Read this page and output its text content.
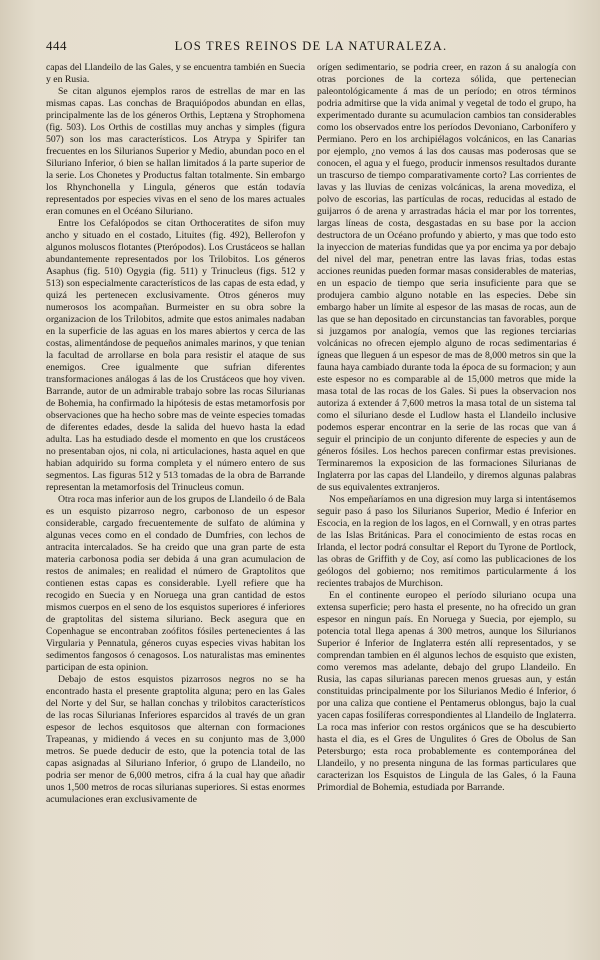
444	LOS TRES REINOS DE LA NATURALEZA.

capas del Llandeilo de las Gales, y se encuentra también en Suecia y en Rusia.

Se citan algunos ejemplos raros de estrellas de mar en las mismas capas. Las conchas de Braquiópodos abundan en ellas, principalmente las de los géneros Orthis, Leptæna y Strophomena (fig. 503). Los Orthis de costillas muy anchas y simples (figura 507) son los mas característicos. Los Atrypa y Spirifer tan frecuentes en los Silurianos Superior y Medio, abundan poco en el Siluriano Inferior, ó bien se hallan limitados á la parte superior de la serie. Los Chonetes y Productus faltan totalmente. Sin embargo los Rhynchonella y Lingula, géneros que están todavía representados por especies vivas en el seno de los mares actuales eran comunes en el Océano Siluriano.

Entre los Cefalópodos se citan Orthoceratites de sifon muy ancho y situado en el costado, Lituites (fig. 492), Bellerofon y algunos moluscos flotantes (Pterópodos). Los Crustáceos se hallan abundantemente representados por los Trilobitos. Los géneros Asaphus (fig. 510) Ogygia (fig. 511) y Trinucleus (figs. 512 y 513) son especialmente característicos de las capas de esta edad, y quizá les pertenecen exclusivamente. Otros géneros muy numerosos los acompañan. Burmeister en su obra sobre la organizacion de los Trilobitos, admite que estos animales nadaban en la superficie de las aguas en los mares abiertos y cerca de las costas, alimentándose de pequeños animales marinos, y que tenian la facultad de arrollarse en bola para resistir el ataque de sus enemigos. Cree igualmente que sufrian diferentes transformaciones análogas á las de los Crustáceos que hoy viven. Barrande, autor de un admirable trabajo sobre las rocas Silurianas de Bohemia, ha confirmado la hipótesis de estas metamorfosis por observaciones que ha hecho sobre mas de veinte especies tomadas de diferentes edades, desde la salida del huevo hasta la edad adulta. Las ha estudiado desde el momento en que los crustáceos no presentaban ojos, ni cola, ni articulaciones, hasta aquel en que habian adquirido su forma completa y el número entero de sus segmentos. Las figuras 512 y 513 tomadas de la obra de Barrande representan la metamorfosis del Trinucleus comun.

Otra roca mas inferior aun de los grupos de Llandeilo ó de Bala es un esquisto pizarroso negro, carbonoso de un espesor considerable, cargado frecuentemente de sulfato de alúmina y algunas veces como en el condado de Dumfries, con lechos de antracita intercalados. Se ha creido que una gran parte de esta materia carbonosa podia ser debida á una gran acumulacion de restos de animales; en realidad el número de Graptolitos que contienen estas capas es considerable. Lyell refiere que ha recogido en Suecia y en Noruega una gran cantidad de estos mismos cuerpos en el seno de los esquistos superiores é inferiores de graptolitas del sistema siluriano. Beck asegura que en Copenhague se encontraban zoófitos fósiles pertenecientes á las Virgularia y Pennatula, géneros cuyas especies vivas habitan los sedimentos fangosos ó cenagosos. Los naturalistas mas eminentes participan de esta opinion.

Debajo de estos esquistos pizarrosos negros no se ha encontrado hasta el presente graptolita alguna; pero en las Gales del Norte y del Sur, se hallan conchas y trilobitos característicos de las rocas Silurianas Inferiores esparcidos al través de un gran espesor de lechos esquitosos que alternan con formaciones Trapeanas, y midiendo á veces en su conjunto mas de 3,000 metros. Se puede deducir de esto, que la potencia total de las capas asignadas al Siluriano Inferior, ó grupo de Llandeilo, no podria ser menor de 6,000 metros, cifra á la cual hay que añadir unos 1,500 metros de rocas silurianas superiores. Si estas enormes acumulaciones eran exclusivamente de

orígen sedimentario, se podria creer, en razon á su analogía con otras porciones de la corteza sólida, que pertenecian paleontológicamente á mas de un período; en otros términos podria admitirse que la vida animal y vegetal de todo el grupo, ha experimentado durante su acumulacion cambios tan considerables como los observados entre los períodos Devoniano, Carbonífero y Permiano. Pero en los archipiélagos volcánicos, en las Canarias por ejemplo, ¿no vemos á las dos causas mas poderosas que se conocen, el agua y el fuego, producir inmensos resultados durante un trascurso de tiempo comparativamente corto? Las corrientes de lavas y las lluvias de cenizas volcánicas, la arena movediza, el polvo de escorias, las partículas de rocas, reducidas al estado de guijarros ó de arena y arrastradas hácia el mar por los torrentes, largas líneas de costa, desgastadas en su base por la accion destructora de un Océano profundo y abierto, y mas que todo esto la inyeccion de materias fundidas que ya por encima ya por debajo del nivel del mar, penetran entre las lavas frias, todas estas acciones reunidas pueden formar masas considerables de materias, en un espacio de tiempo que seria insuficiente para que se produjera cambio alguno notable en las especies. Debe sin embargo haber un límite al espesor de las masas de rocas, aun de las que se han depositado en circunstancias tan favorables, porque si juzgamos por analogía, vemos que las regiones terciarias volcánicas no ofrecen ejemplo alguno de rocas sedimentarias é ígneas que lleguen á un espesor de mas de 8,000 metros sin que la fauna haya cambiado durante toda la época de su formacion; y aun este espesor no es comparable al de 15,000 metros que mide la masa total de las rocas de los Gales. Si pues la observacion nos autoriza á extender á 7,600 metros la masa total de un sistema tal como el siluriano desde el Ludlow hasta el Llandeilo inclusive podemos esperar encontrar en la serie de las rocas que van á seguir el principio de un conjunto diferente de especies y aun de géneros fósiles. Los hechos parecen confirmar estas previsiones. Terminaremos la exposicion de las formaciones Silurianas de Inglaterra por las capas del Llandeilo, y diremos algunas palabras de sus equivalentes extranjeros.

Nos empeñaríamos en una digresion muy larga si intentásemos seguir paso á paso los Silurianos Superior, Medio é Inferior en Escocia, en la region de los lagos, en el Cornwall, y en otras partes de las Islas Británicas. Para el conocimiento de estas rocas en Irlanda, el lector podrá consultar el Report du Tyrone de Portlock, las obras de Griffith y de Coy, así como las publicaciones de los geólogos del gobierno; nos remitimos particularmente á los recientes trabajos de Murchison.

En el continente europeo el período siluriano ocupa una extensa superficie; pero hasta el presente, no ha ofrecido un gran espesor en ningun país. En Noruega y Suecia, por ejemplo, su potencia total llega apenas á 300 metros, aunque los Silurianos Superior é Inferior de Inglaterra estén allí representados, y se comprendan tambien en él algunos lechos de esquisto que existen, como veremos mas adelante, debajo del grupo Llandeilo. En Rusia, las capas silurianas parecen menos gruesas aun, y están constituidas principalmente por los Silurianos Medio é Inferior, ó por una caliza que contiene el Pentamerus oblongus, bajo la cual yacen capas fosilíferas correspondientes al Llandeilo de Inglaterra. La roca mas inferior con restos orgánicos que se ha descubierto hasta el dia, es el Gres de Ungulites ó Gres de Obolus de San Petersburgo; esta roca probablemente es contemporánea del Llandeilo, y no presenta ninguna de las formas particulares que caracterizan los Esquistos de Lingula de las Gales, ó la Fauna Primordial de Bohemia, estudiada por Barrande.
